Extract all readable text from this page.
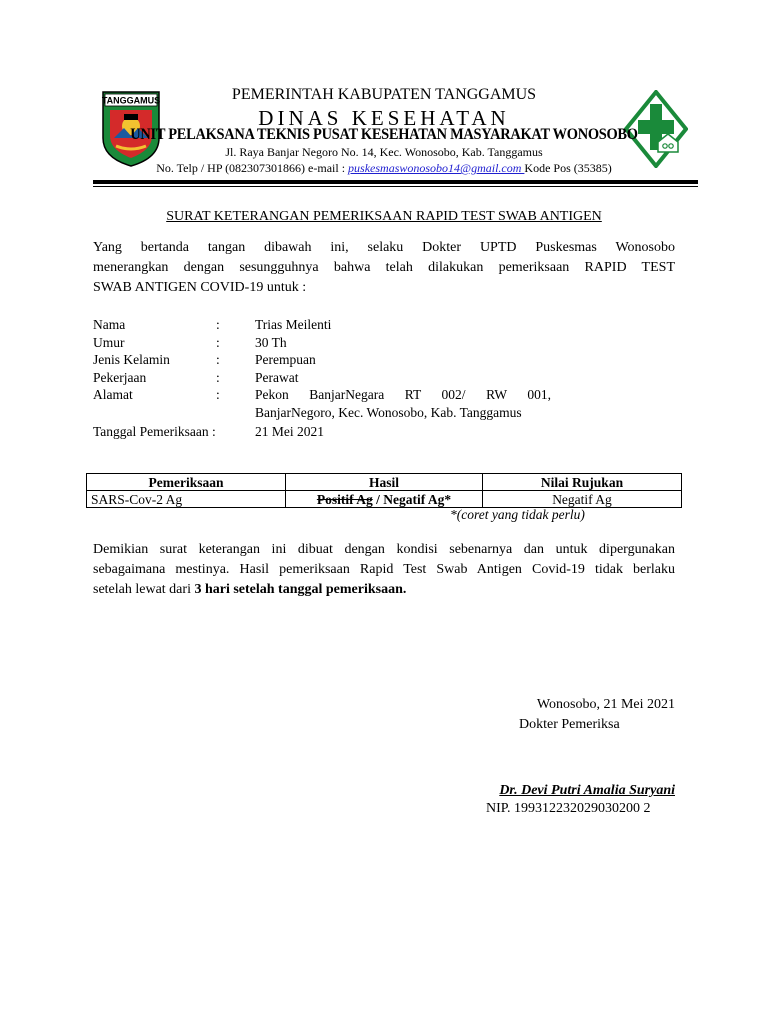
TANGGAMUS	PEMERINTAH KABUPATEN TANGGAMUS
DINAS KESEHATAN
UNIT PELAKSANA TEKNIS PUSAT KESEHATAN MASYARAKAT WONOSOBO
Jl. Raya Banjar Negoro No. 14, Kec. Wonosobo, Kab. Tanggamus
No. Telp / HP (082307301866) e-mail : puskesmaswonosobo14@gmail.com Kode Pos (35385)
SURAT KETERANGAN PEMERIKSAAN RAPID TEST SWAB ANTIGEN
Yang bertanda tangan dibawah ini, selaku Dokter UPTD Puskesmas Wonosobo
menerangkan dengan sesungguhnya bahwa telah dilakukan pemeriksaan RAPID TEST
SWAB ANTIGEN COVID-19 untuk :
Nama	:	Trias Meilenti
Umur	:	30 Th
Jenis Kelamin	:	Perempuan
Pekerjaan	:	Perawat
Alamat	:	Pekon BanjarNegara RT 002/ RW 001,
BanjarNegoro, Kec. Wonosobo, Kab. Tanggamus
Tanggal Pemeriksaan :	21 Mei 2021
Pemeriksaan	Hasil	Nilai Rujukan
SARS-Cov-2 Ag	Positif Ag / Negatif Ag*	Negatif Ag
*(coret yang tidak perlu)
Demikian surat keterangan ini dibuat dengan kondisi sebenarnya dan untuk dipergunakan
sebagaimana mestinya. Hasil pemeriksaan Rapid Test Swab Antigen Covid-19 tidak berlaku
setelah lewat dari 3 hari setelah tanggal pemeriksaan.
Wonosobo, 21 Mei 2021
Dokter Pemeriksa
Dr. Devi Putri Amalia Suryani
NIP. 199312232029030200 2
